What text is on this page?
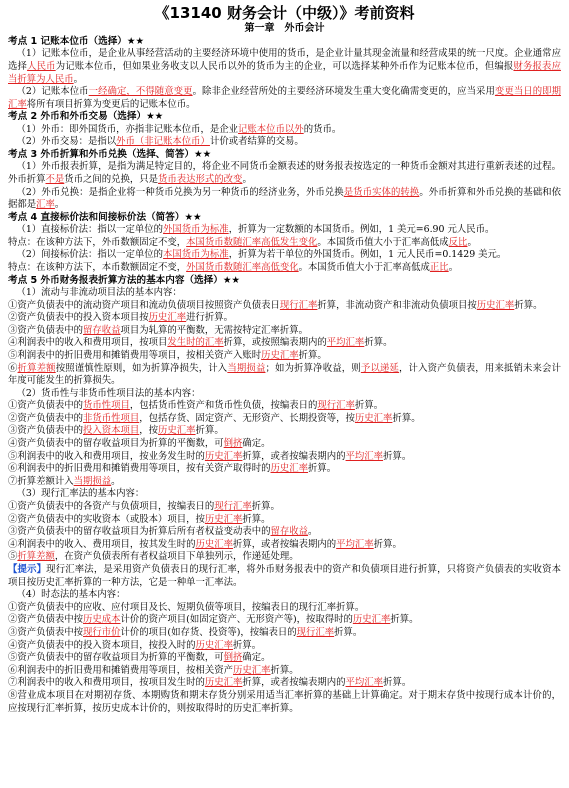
《13140 财务会计（中级）》考前资料
第一章　外币会计
考点 1 记账本位币（选择）★★

（1）记账本位币，是企业从事经营活动的主要经济环境中使用的货币，是企业计量其现金流量和经营成果的统一尺度。企业通常应选择人民币为记账本位币，但如果业务收支以人民币以外的货币为主的企业，可以选择某种外币作为记账本位币，但编报财务报表应当折算为人民币。

（2）记账本位币一经确定，不得随意变更。除非企业经营所处的主要经济环境发生重大变化确需变更的，应当采用变更当日的即期汇率将所有项目折算为变更后的记账本位币。

考点 2 外币和外币交易（选择）★★

（1）外币：即外国货币，亦指非记账本位币，是企业记账本位币以外的货币。

（2）外币交易：是指以外币（非记账本位币）计价或者结算的交易。

考点 3 外币折算和外币兑换（选择、简答）★★

（1）外币报表折算，是指为满足特定目的，将企业不同货币金额表述的财务报表按选定的一种货币金额对其进行重新表述的过程。外币折算不是货币之间的兑换，只是货币表达形式的改变。

（2）外币兑换：是指企业将一种货币兑换为另一种货币的经济业务，外币兑换是货币实体的转换。外币折算和外币兑换的基础和依据都是汇率。

考点 4 直接标价法和间接标价法（简答）★★

（1）直接标价法：指以一定单位的外国货币为标准，折算为一定数额的本国货币。例如，1 美元=6.90 元人民币。

特点：在该种方法下，外币数额固定不变，本国货币数随汇率高低发生变化。本国货币值大小于汇率高低成反比。

（2）间接标价法：指以一定单位的本国货币为标准，折算为若干单位的外国货币。例如，1 元人民币=0.1429 美元。

特点：在该种方法下，本币数额固定不变，外国货币数随汇率高低变化。本国货币值大小于汇率高低成正比。

考点 5 外币财务报表折算方法的基本内容（选择）★★

（1）流动与非流动项目法的基本内容：

①资产负债表中的流动资产项目和流动负债项目按照资产负债表日现行汇率折算，非流动资产和非流动负债项目按历史汇率折算。

②资产负债表中的投入资本项目按历史汇率进行折算。

③资产负债表中的留存收益项目为轧算的平衡数，无需按特定汇率折算。

④利润表中的收入和费用项目，按项目发生时的汇率折算，或按照编表期内的平均汇率折算。

⑤利润表中的折旧费用和摊销费用等项目，按相关资产入账时历史汇率折算。

⑥折算差额按照谨慎性原则，如为折算净损失，计入当期损益；如为折算净收益，则予以递延，计入资产负债表，用来抵销未来会计年度可能发生的折算损失。

（2）货币性与非货币性项目法的基本内容：

①资产负债表中的货币性项目，包括货币性资产和货币性负债，按编表日的现行汇率折算。

②资产负债表中的非货币性项目，包括存货、固定资产、无形资产、长期投资等，按历史汇率折算。

③资产负债表中的投入资本项目，按历史汇率折算。

④资产负债表中的留存收益项目为折算的平衡数，可倒挤确定。

⑤利润表中的收入和费用项目，按业务发生时的历史汇率折算，或者按编表期内的平均汇率折算。

⑥利润表中的折旧费用和摊销费用等项目，按有关资产取得时的历史汇率折算。

⑦折算差额计入当期损益。

（3）现行汇率法的基本内容：

①资产负债表中的各资产与负债项目，按编表日的现行汇率折算。

②资产负债表中的实收资本（或股本）项目，按历史汇率折算。

③资产负债表中的留存收益项目为折算后所有者权益变动表中的留存收益。

④利润表中的收入、费用项目，按其发生时的历史汇率折算，或者按编表期内的平均汇率折算。

⑤折算差额，在资产负债表所有者权益项目下单独列示，作递延处理。

【提示】现行汇率法，是采用资产负债表日的现行汇率，将外币财务报表中的资产和负债项目进行折算，只将资产负债表的实收资本项目按历史汇率折算的一种方法，它是一种单一汇率法。

（4）时态法的基本内容：

①资产负债表中的应收、应付项目及长、短期负债等项目，按编表日的现行汇率折算。

②资产负债表中按历史成本计价的资产项目(如固定资产、无形资产等)，按取得时的历史汇率折算。

③资产负债表中按现行市价计价的项目(如存货、投资等)，按编表日的现行汇率折算。

④资产负债表中的投入资本项目，按投入时的历史汇率折算。

⑤资产负债表中的留存收益项目为折算的平衡数，可倒挤确定。

⑥利润表中的折旧费用和摊销费用等项目，按相关资产历史汇率折算。

⑦利润表中的收入和费用项目，按项目发生时的历史汇率折算，或者按编表期内的平均汇率折算。

⑧营业成本项目在对期初存货、本期购货和期末存货分别采用适当汇率折算的基础上计算确定。对于期末存货中按现行成本计价的，应按现行汇率折算，按历史成本计价的，则按取得时的历史汇率折算。
